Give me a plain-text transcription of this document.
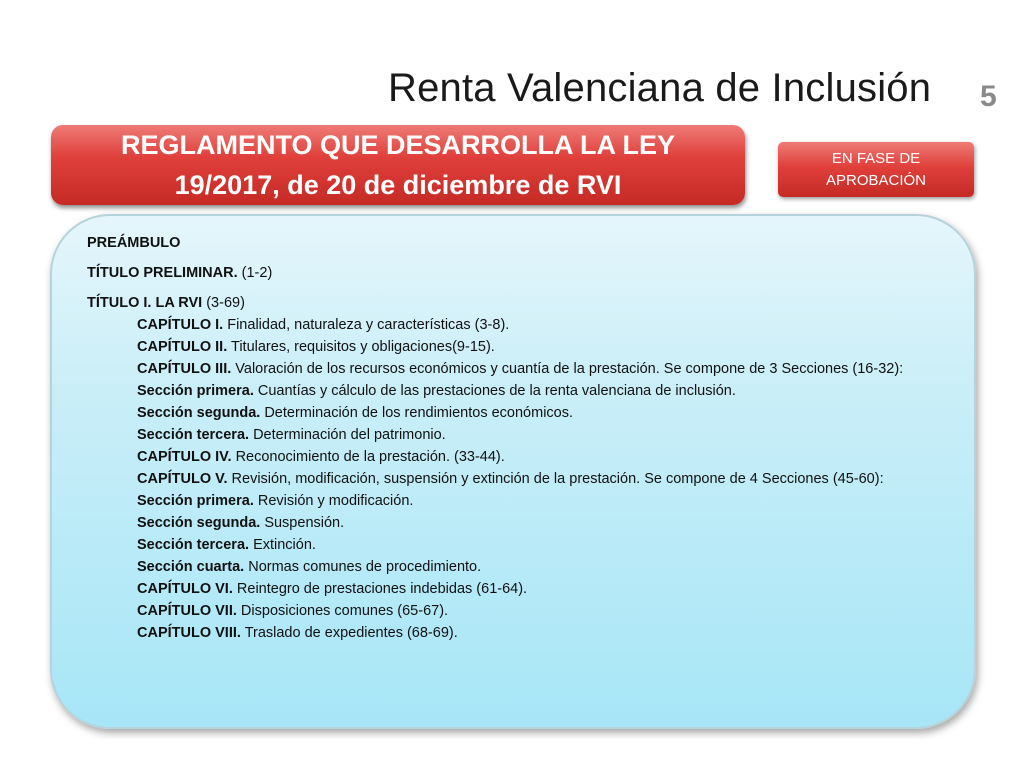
Renta Valenciana de Inclusión 5
REGLAMENTO QUE DESARROLLA LA LEY
19/2017, de 20 de diciembre de RVI
EN FASE DE
APROBACIÓN
PREÁMBULO
TÍTULO PRELIMINAR. (1-2)
TÍTULO I. LA RVI (3-69)
CAPÍTULO I. Finalidad, naturaleza y características (3-8).
CAPÍTULO II. Titulares, requisitos y obligaciones(9-15).
CAPÍTULO III. Valoración de los recursos económicos y cuantía de la prestación. Se compone de 3 Secciones (16-32):
Sección primera. Cuantías y cálculo de las prestaciones de la renta valenciana de inclusión.
Sección segunda. Determinación de los rendimientos económicos.
Sección tercera. Determinación del patrimonio.
CAPÍTULO IV. Reconocimiento de la prestación. (33-44).
CAPÍTULO V. Revisión, modificación, suspensión y extinción de la prestación. Se compone de 4 Secciones (45-60):
Sección primera. Revisión y modificación.
Sección segunda. Suspensión.
Sección tercera. Extinción.
Sección cuarta. Normas comunes de procedimiento.
CAPÍTULO VI. Reintegro de prestaciones indebidas (61-64).
CAPÍTULO VII. Disposiciones comunes (65-67).
CAPÍTULO VIII. Traslado de expedientes (68-69).
